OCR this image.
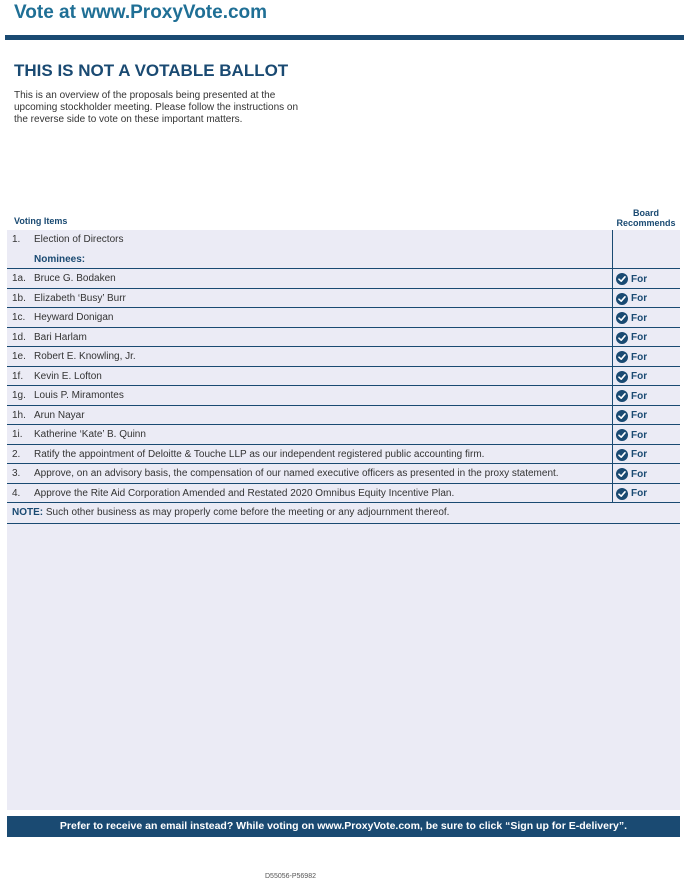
Vote at www.ProxyVote.com
THIS IS NOT A VOTABLE BALLOT
This is an overview of the proposals being presented at the
upcoming stockholder meeting. Please follow the instructions on
the reverse side to vote on these important matters.
Voting Items
Board
Recommends
1. Election of Directors
Nominees:
1a. Bruce G. Bodaken	For
1b. Elizabeth ‘Busy’ Burr	For
1c. Heyward Donigan	For
1d. Bari Harlam	For
1e. Robert E. Knowling, Jr.	For
1f. Kevin E. Lofton	For
1g. Louis P. Miramontes	For
1h. Arun Nayar	For
1i. Katherine ‘Kate’ B. Quinn	For
2. Ratify the appointment of Deloitte & Touche LLP as our independent registered public accounting firm.	For
3. Approve, on an advisory basis, the compensation of our named executive officers as presented in the proxy statement.	For
4. Approve the Rite Aid Corporation Amended and Restated 2020 Omnibus Equity Incentive Plan.	For
NOTE: Such other business as may properly come before the meeting or any adjournment thereof.
Prefer to receive an email instead? While voting on www.ProxyVote.com, be sure to click “Sign up for E-delivery”.
D55056-P56982
